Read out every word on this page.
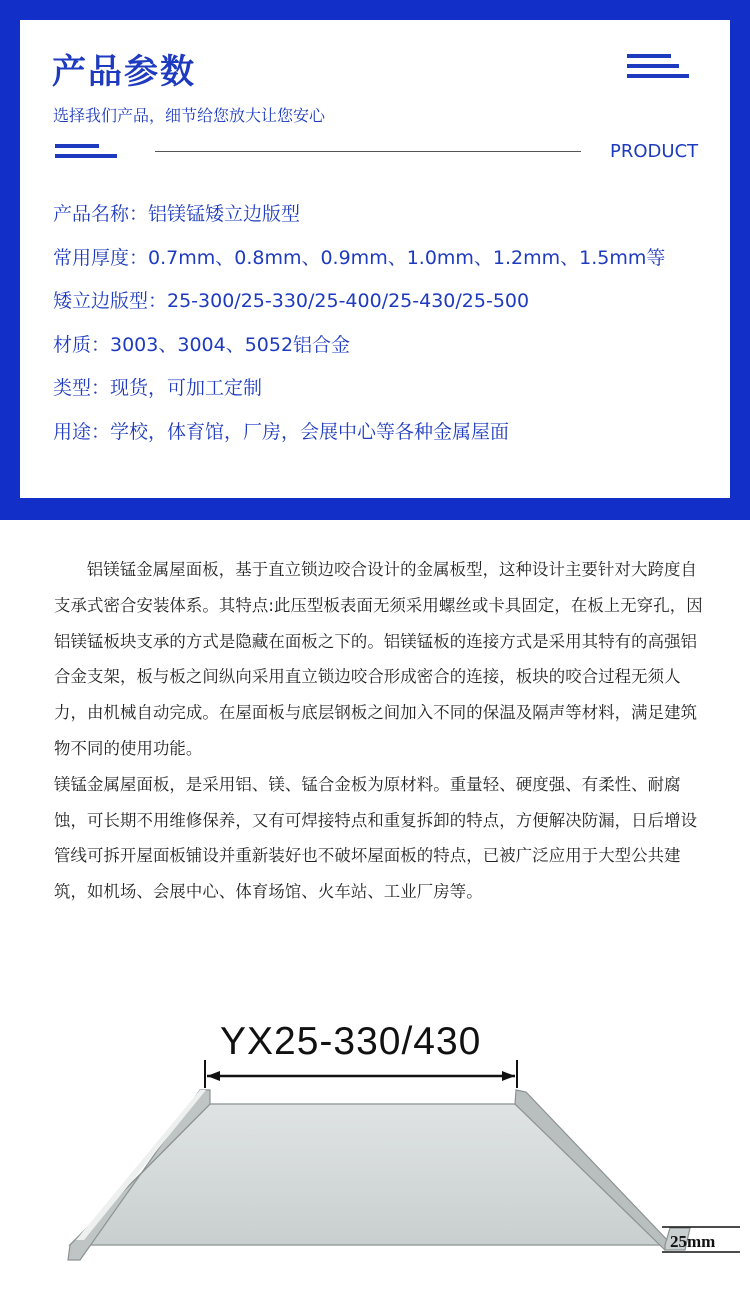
产品参数
选择我们产品，细节给您放大让您安心
PRODUCT
产品名称：铝镁锰矮立边版型
常用厚度：0.7mm、0.8mm、0.9mm、1.0mm、1.2mm、1.5mm等
矮立边版型：25-300/25-330/25-400/25-430/25-500
材质：3003、3004、5052铝合金
类型：现货，可加工定制
用途：学校，体育馆，厂房，会展中心等各种金属屋面

铝镁锰金属屋面板，基于直立锁边咬合设计的金属板型，这种设计主要针对大跨度自支承式密合安装体系。其特点:此压型板表面无须采用螺丝或卡具固定，在板上无穿孔，因铝镁锰板块支承的方式是隐藏在面板之下的。铝镁锰板的连接方式是采用其特有的高强铝合金支架，板与板之间纵向采用直立锁边咬合形成密合的连接，板块的咬合过程无须人力，由机械自动完成。在屋面板与底层钢板之间加入不同的保温及隔声等材料，满足建筑物不同的使用功能。

镁锰金属屋面板，是采用铝、镁、锰合金板为原材料。重量轻、硬度强、有柔性、耐腐蚀，可长期不用维修保养，又有可焊接特点和重复拆卸的特点，方便解决防漏，日后增设管线可拆开屋面板铺设并重新装好也不破坏屋面板的特点，已被广泛应用于大型公共建筑，如机场、会展中心、体育场馆、火车站、工业厂房等。

YX25-330/430
25mm
